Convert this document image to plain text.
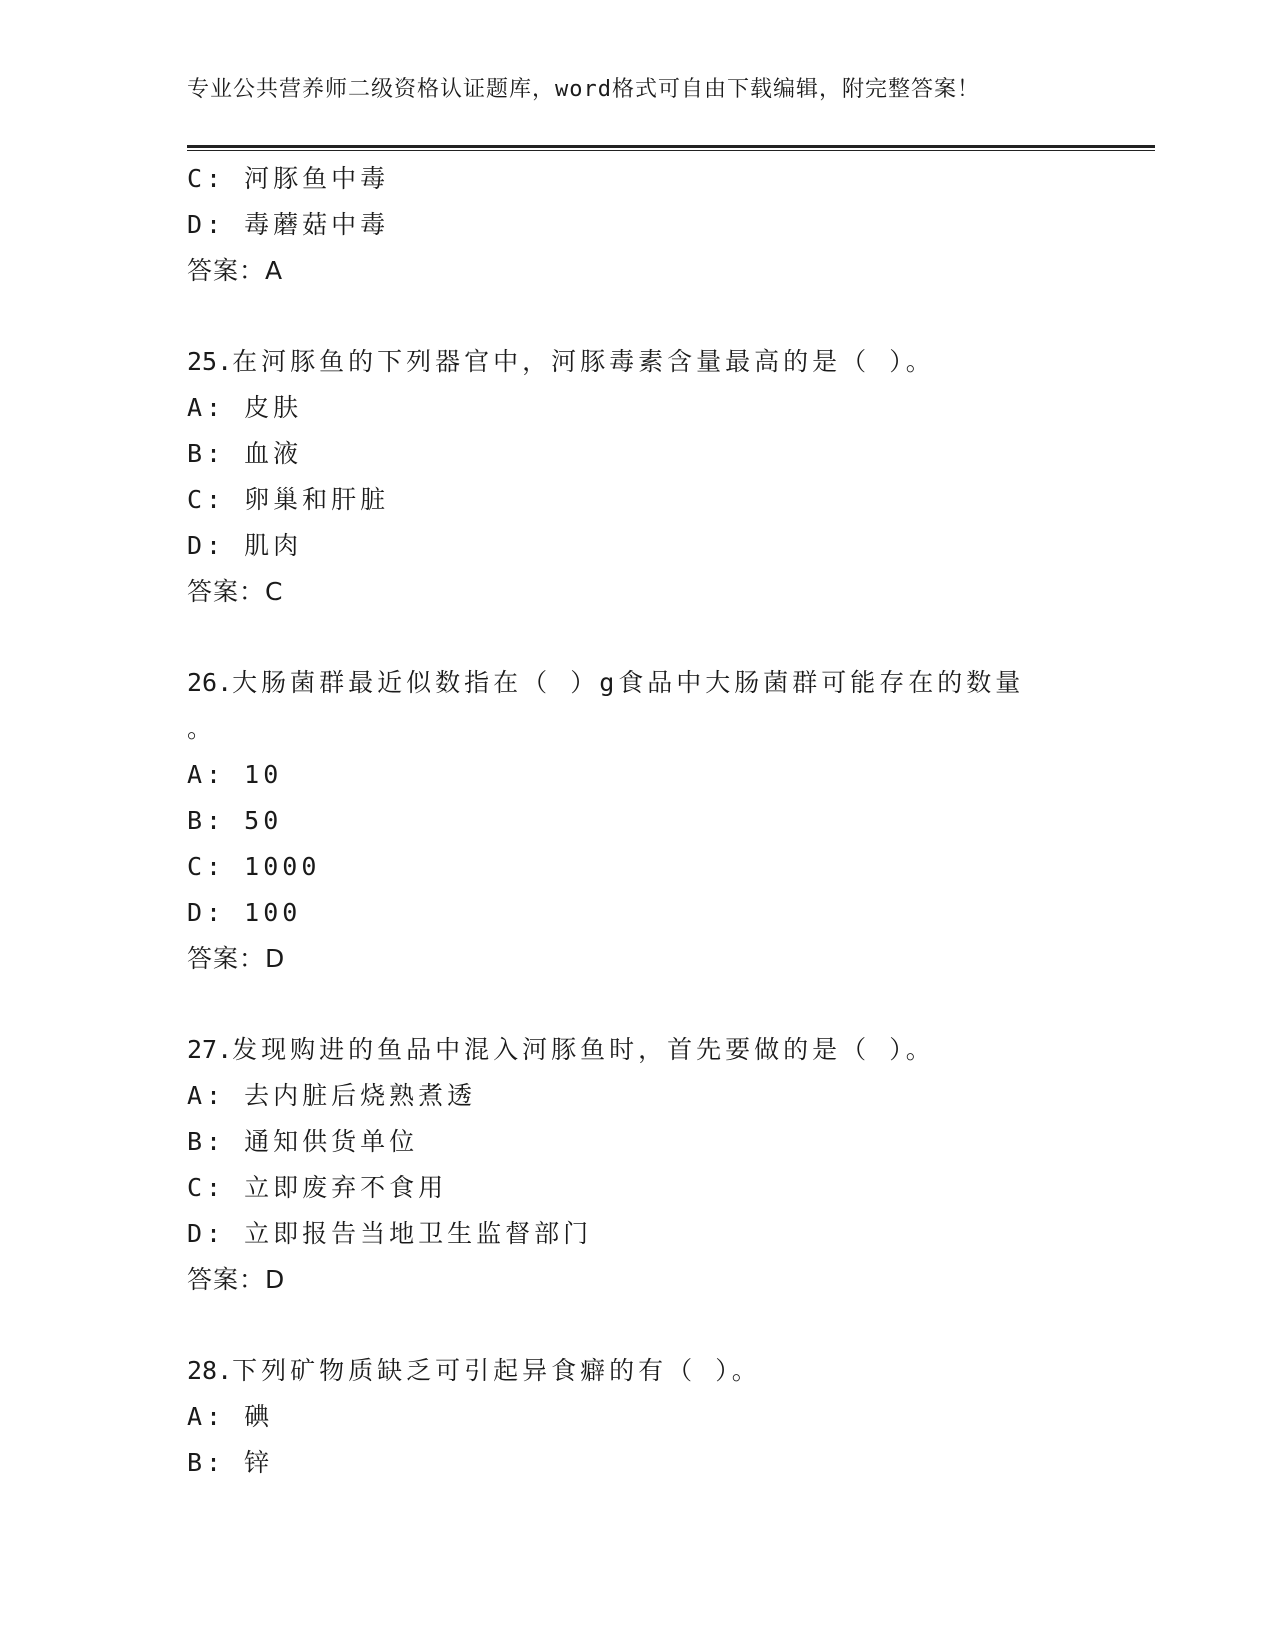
专业公共营养师二级资格认证题库，word格式可自由下载编辑，附完整答案！
C: 河豚鱼中毒
D: 毒蘑菇中毒
答案：A
25.在河豚鱼的下列器官中，河豚毒素含量最高的是（ ）。
A: 皮肤
B: 血液
C: 卵巢和肝脏
D: 肌肉
答案：C
26.大肠菌群最近似数指在（ ）g食品中大肠菌群可能存在的数量
。
A: 10
B: 50
C: 1000
D: 100
答案：D
27.发现购进的鱼品中混入河豚鱼时，首先要做的是（ ）。
A: 去内脏后烧熟煮透
B: 通知供货单位
C: 立即废弃不食用
D: 立即报告当地卫生监督部门
答案：D
28.下列矿物质缺乏可引起异食癖的有（ ）。
A: 碘
B: 锌
